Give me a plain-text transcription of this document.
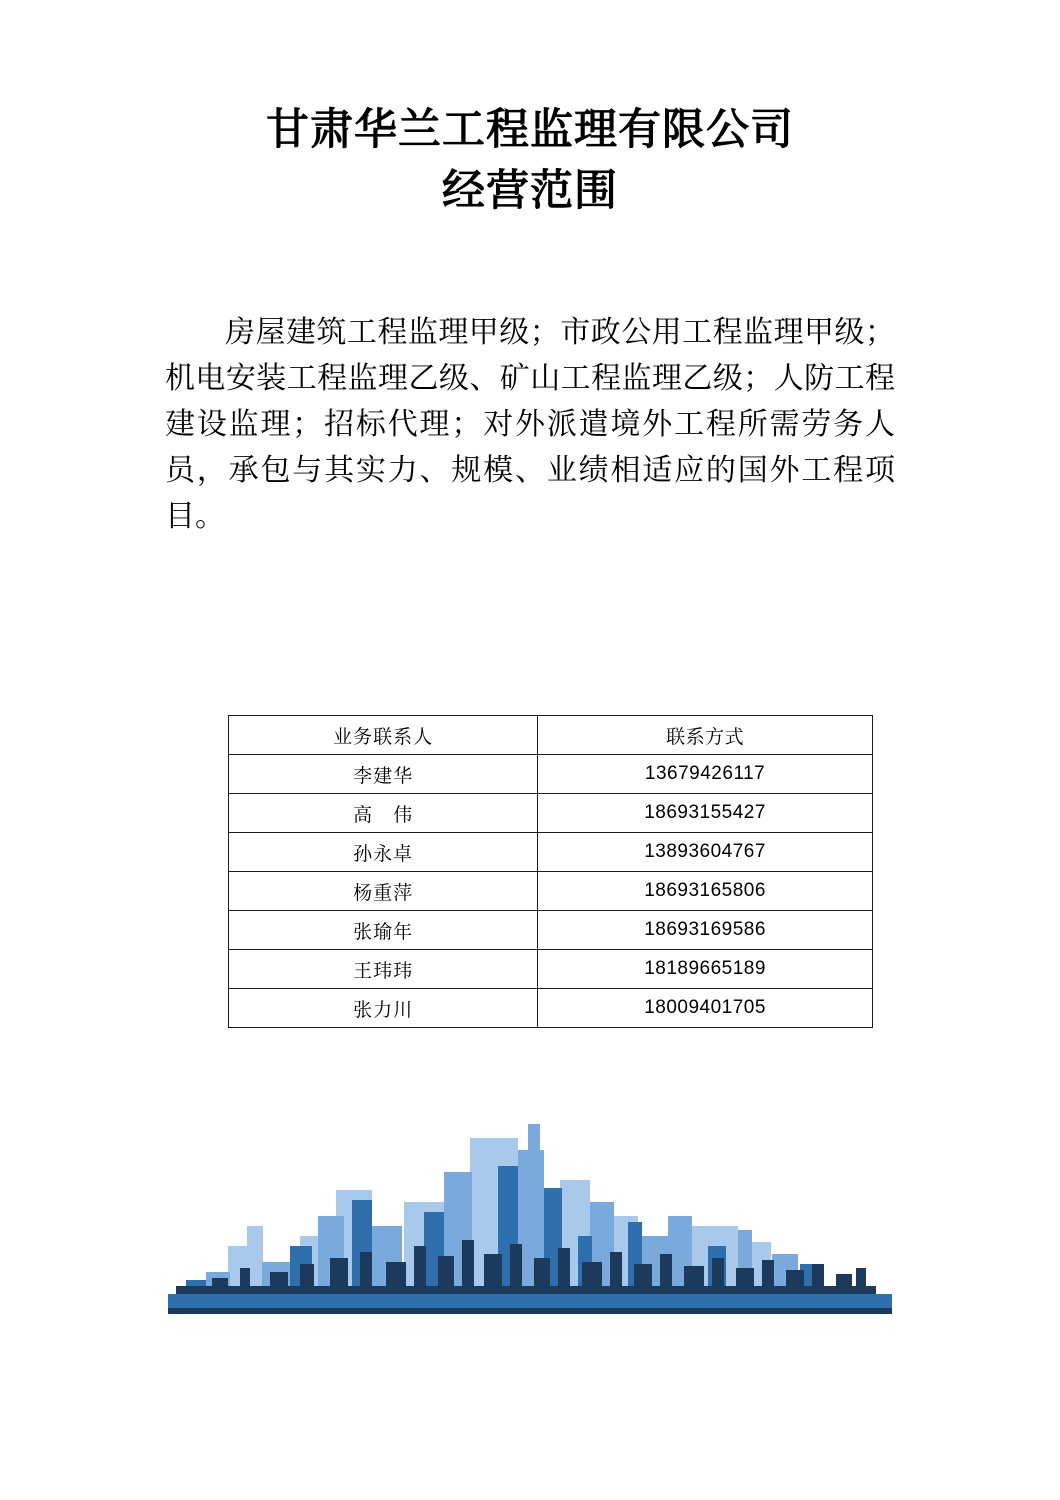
甘肃华兰工程监理有限公司
经营范围

房屋建筑工程监理甲级；市政公用工程监理甲级；机电安装工程监理乙级、矿山工程监理乙级；人防工程建设监理；招标代理；对外派遣境外工程所需劳务人员，承包与其实力、规模、业绩相适应的国外工程项目。

业务联系人	联系方式
李建华	13679426117
高　伟	18693155427
孙永卓	13893604767
杨重萍	18693165806
张瑜年	18693169586
王玮玮	18189665189
张力川	18009401705
